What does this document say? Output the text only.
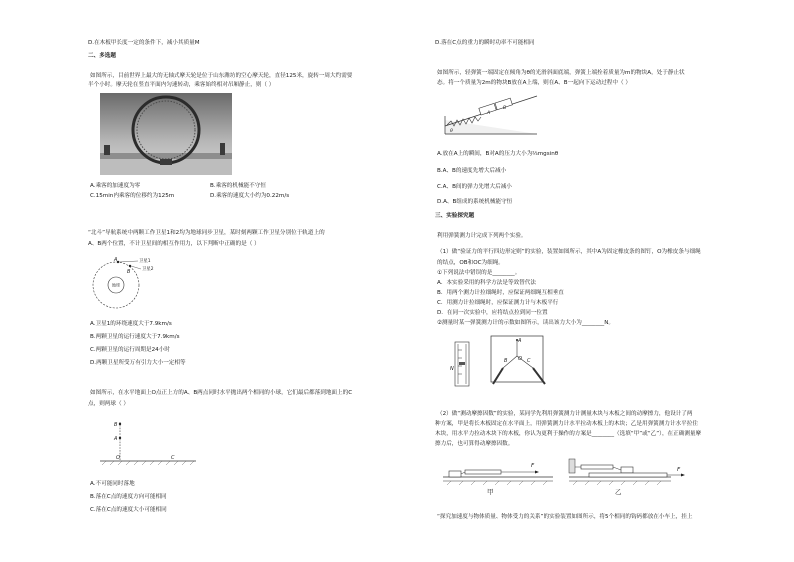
D.在木板甲长度一定的条件下，减小其质量M
二、多选题
如图所示，目前世界上最大的无轴式摩天轮是位于山东潍坊的空心摩天轮，直径125米，旋转一周大约需要
半个小时。摩天轮在竖直平面内匀速转动，乘客始终相对吊厢静止，则（ ）
A.乘客的加速度为零	B.乘客的机械能不守恒
C.15min内乘客的位移约为125m	D.乘客的速度大小约为0.22m/s
“北斗”导航系统中两颗工作卫星1和2均为地球同步卫星，某时刻两颗工作卫星分别位于轨道上的
A、B两个位置，不计卫星间的相互作用力，以下判断中正确的是（ ）
地球
A
B
卫星1
卫星2
A.卫星1的环绕速度大于7.9km/s
B.两颗卫星的运行速度大于7.9km/s
C.两颗卫星的运行周期是24小时
D.两颗卫星所受万有引力大小一定相等
如图所示，在水平地面上O点正上方的A、B两点同时水平抛出两个相同的小球，它们最后都落到地面上的C
点，则两球（ ）
B
A
O	C
A.不可能同时落地
B.落在C点的速度方向可能相同
C.落在C点的速度大小可能相同
D.落在C点的重力的瞬时功率不可能相同
如图所示，轻弹簧一端固定在倾角为θ的光滑斜面底端，弹簧上端拴着质量为m的物块A，处于静止状
态。将一个质量为2m的物块B放在A上端，则在A、B一起向下运动过程中（ ）
A
B
θ
A.放在A上的瞬间，B对A的压力大小为⅔mgsinθ
B.A、B的速度先增大后减小
C.A、B间的弹力先增大后减小
D.A、B组成的系统机械能守恒
三、实验探究题
利用弹簧测力计完成下列两个实验。
（1）做“验证力的平行四边形定则”的实验，装置如图所示，其中A为固定橡皮条的图钉，O为橡皮条与细绳
的结点，OB和OC为细绳。
①下列说法中错误的是________。
A．本实验采用的科学方法是等效替代法
B．用两个测力计拉细绳时，应保证两细绳互相垂直
C．用测力计拉细绳时，应保证测力计与木板平行
D．在同一次实验中，应将结点拉到同一位置
②测量时某一弹簧测力计的示数如图所示，读出该力大小为________N。
N
A
O
B	C
（2）做“测动摩擦因数”的实验，某同学先利用弹簧测力计测量木块与木板之间的动摩擦力，他设计了两
种方案，甲是将长木板固定在水平面上，用弹簧测力计水平拉动木板上的木块；乙是用弹簧测力计水平拉住
木块，用水平力拉动木块下的木板，你认为更利于操作的方案是________（选填“甲”或“乙”），在正确测量摩
擦力后，也可算得动摩擦因数。
F
甲
F
乙
“探究加速度与物体质量、物体受力的关系”的实验装置如图所示，将5个相同的钩码都放在小车上，挂上
